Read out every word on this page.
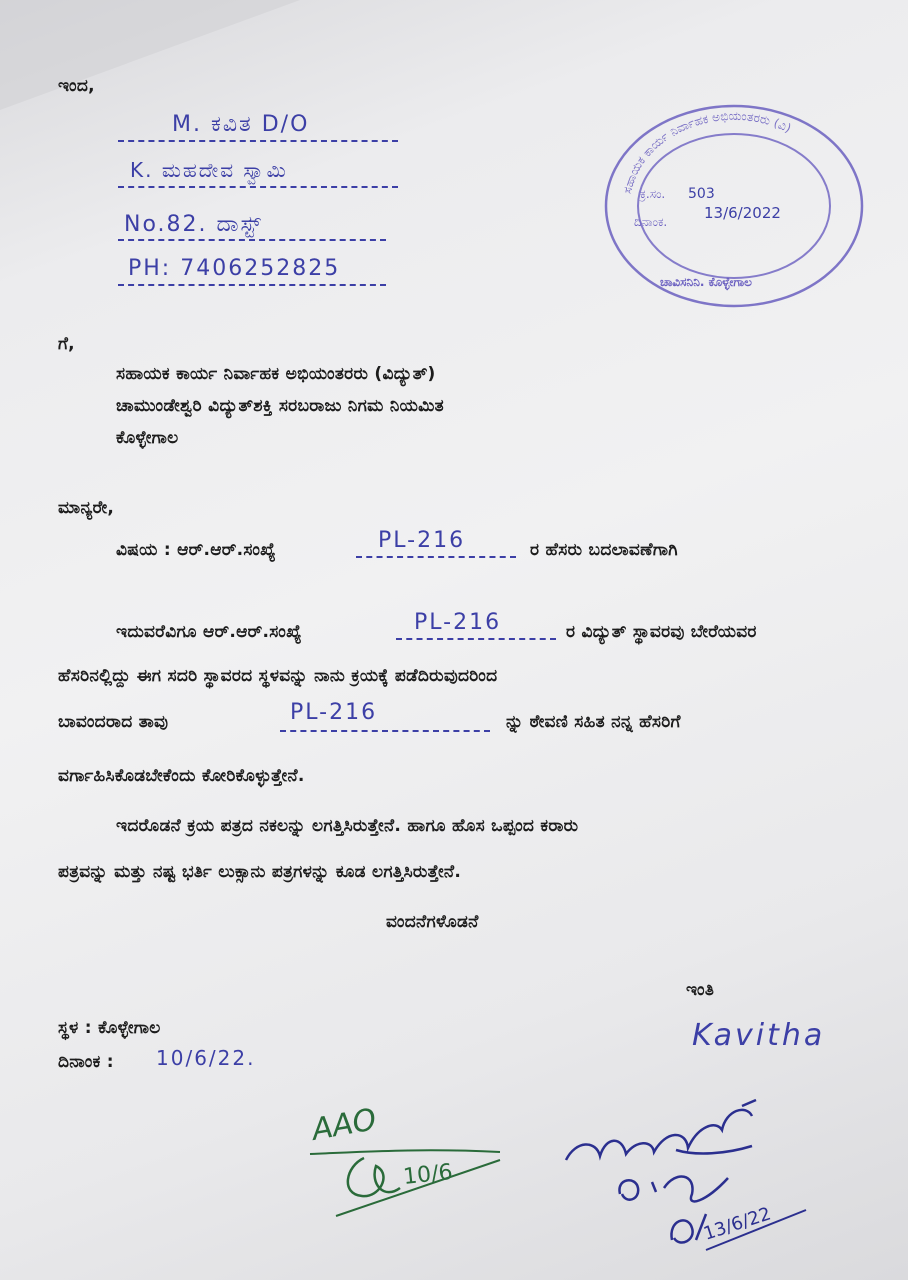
ಇಂದ,
M. ಕವಿತ D/O
K. ಮಹದೇವ ಸ್ವಾಮಿ
No.82. ದಾಸ್ಟ್
PH: 7406252825
ಸಹಾಯಕ ಕಾರ್ಯ ನಿರ್ವಾಹಕ ಅಭಿಯಂತರರು (ವಿ)
ಕ್ರ.ಸಂ. 503
ದಿನಾಂಕ. 13/6/2022
ಚಾವಿಸನಿನಿ. ಕೊಳ್ಳೇಗಾಲ
ಗೆ,
ಸಹಾಯಕ ಕಾರ್ಯ ನಿರ್ವಾಹಕ ಅಭಿಯಂತರರು (ವಿದ್ಯುತ್)
ಚಾಮುಂಡೇಶ್ವರಿ ವಿದ್ಯುತ್‌ಶಕ್ತಿ ಸರಬರಾಜು ನಿಗಮ ನಿಯಮಿತ
ಕೊಳ್ಳೇಗಾಲ
ಮಾನ್ಯರೇ,
ವಿಷಯ : ಆರ್.ಆರ್.ಸಂಖ್ಯೆ	PL-216	ರ ಹೆಸರು ಬದಲಾವಣೆಗಾಗಿ
ಇದುವರೆವಿಗೂ ಆರ್.ಆರ್.ಸಂಖ್ಯೆ	PL-216	ರ ವಿದ್ಯುತ್ ಸ್ಥಾವರವು ಬೇರೆಯವರ
ಹೆಸರಿನಲ್ಲಿದ್ದು ಈಗ ಸದರಿ ಸ್ಥಾವರದ ಸ್ಥಳವನ್ನು ನಾನು ಕ್ರಯಕ್ಕೆ ಪಡೆದಿರುವುದರಿಂದ
ಬಾವಂದರಾದ ತಾವು	PL-216	ನ್ನು ಠೇವಣಿ ಸಹಿತ ನನ್ನ ಹೆಸರಿಗೆ
ವರ್ಗಾಹಿಸಿಕೊಡಬೇಕೆಂದು ಕೋರಿಕೊಳ್ಳುತ್ತೇನೆ.
ಇದರೊಡನೆ ಕ್ರಯ ಪತ್ರದ ನಕಲನ್ನು ಲಗತ್ತಿಸಿರುತ್ತೇನೆ. ಹಾಗೂ ಹೊಸ ಒಪ್ಪಂದ ಕರಾರು
ಪತ್ರವನ್ನು ಮತ್ತು ನಷ್ಟ ಭರ್ತಿ ಲುಕ್ಸಾನು ಪತ್ರಗಳನ್ನು ಕೂಡ ಲಗತ್ತಿಸಿರುತ್ತೇನೆ.
ವಂದನೆಗಳೊಡನೆ
ಇಂತಿ
ಸ್ಥಳ : ಕೊಳ್ಳೇಗಾಲ
ದಿನಾಂಕ : 10/6/22.
Kavitha
AAO
10/6
13/6/22
